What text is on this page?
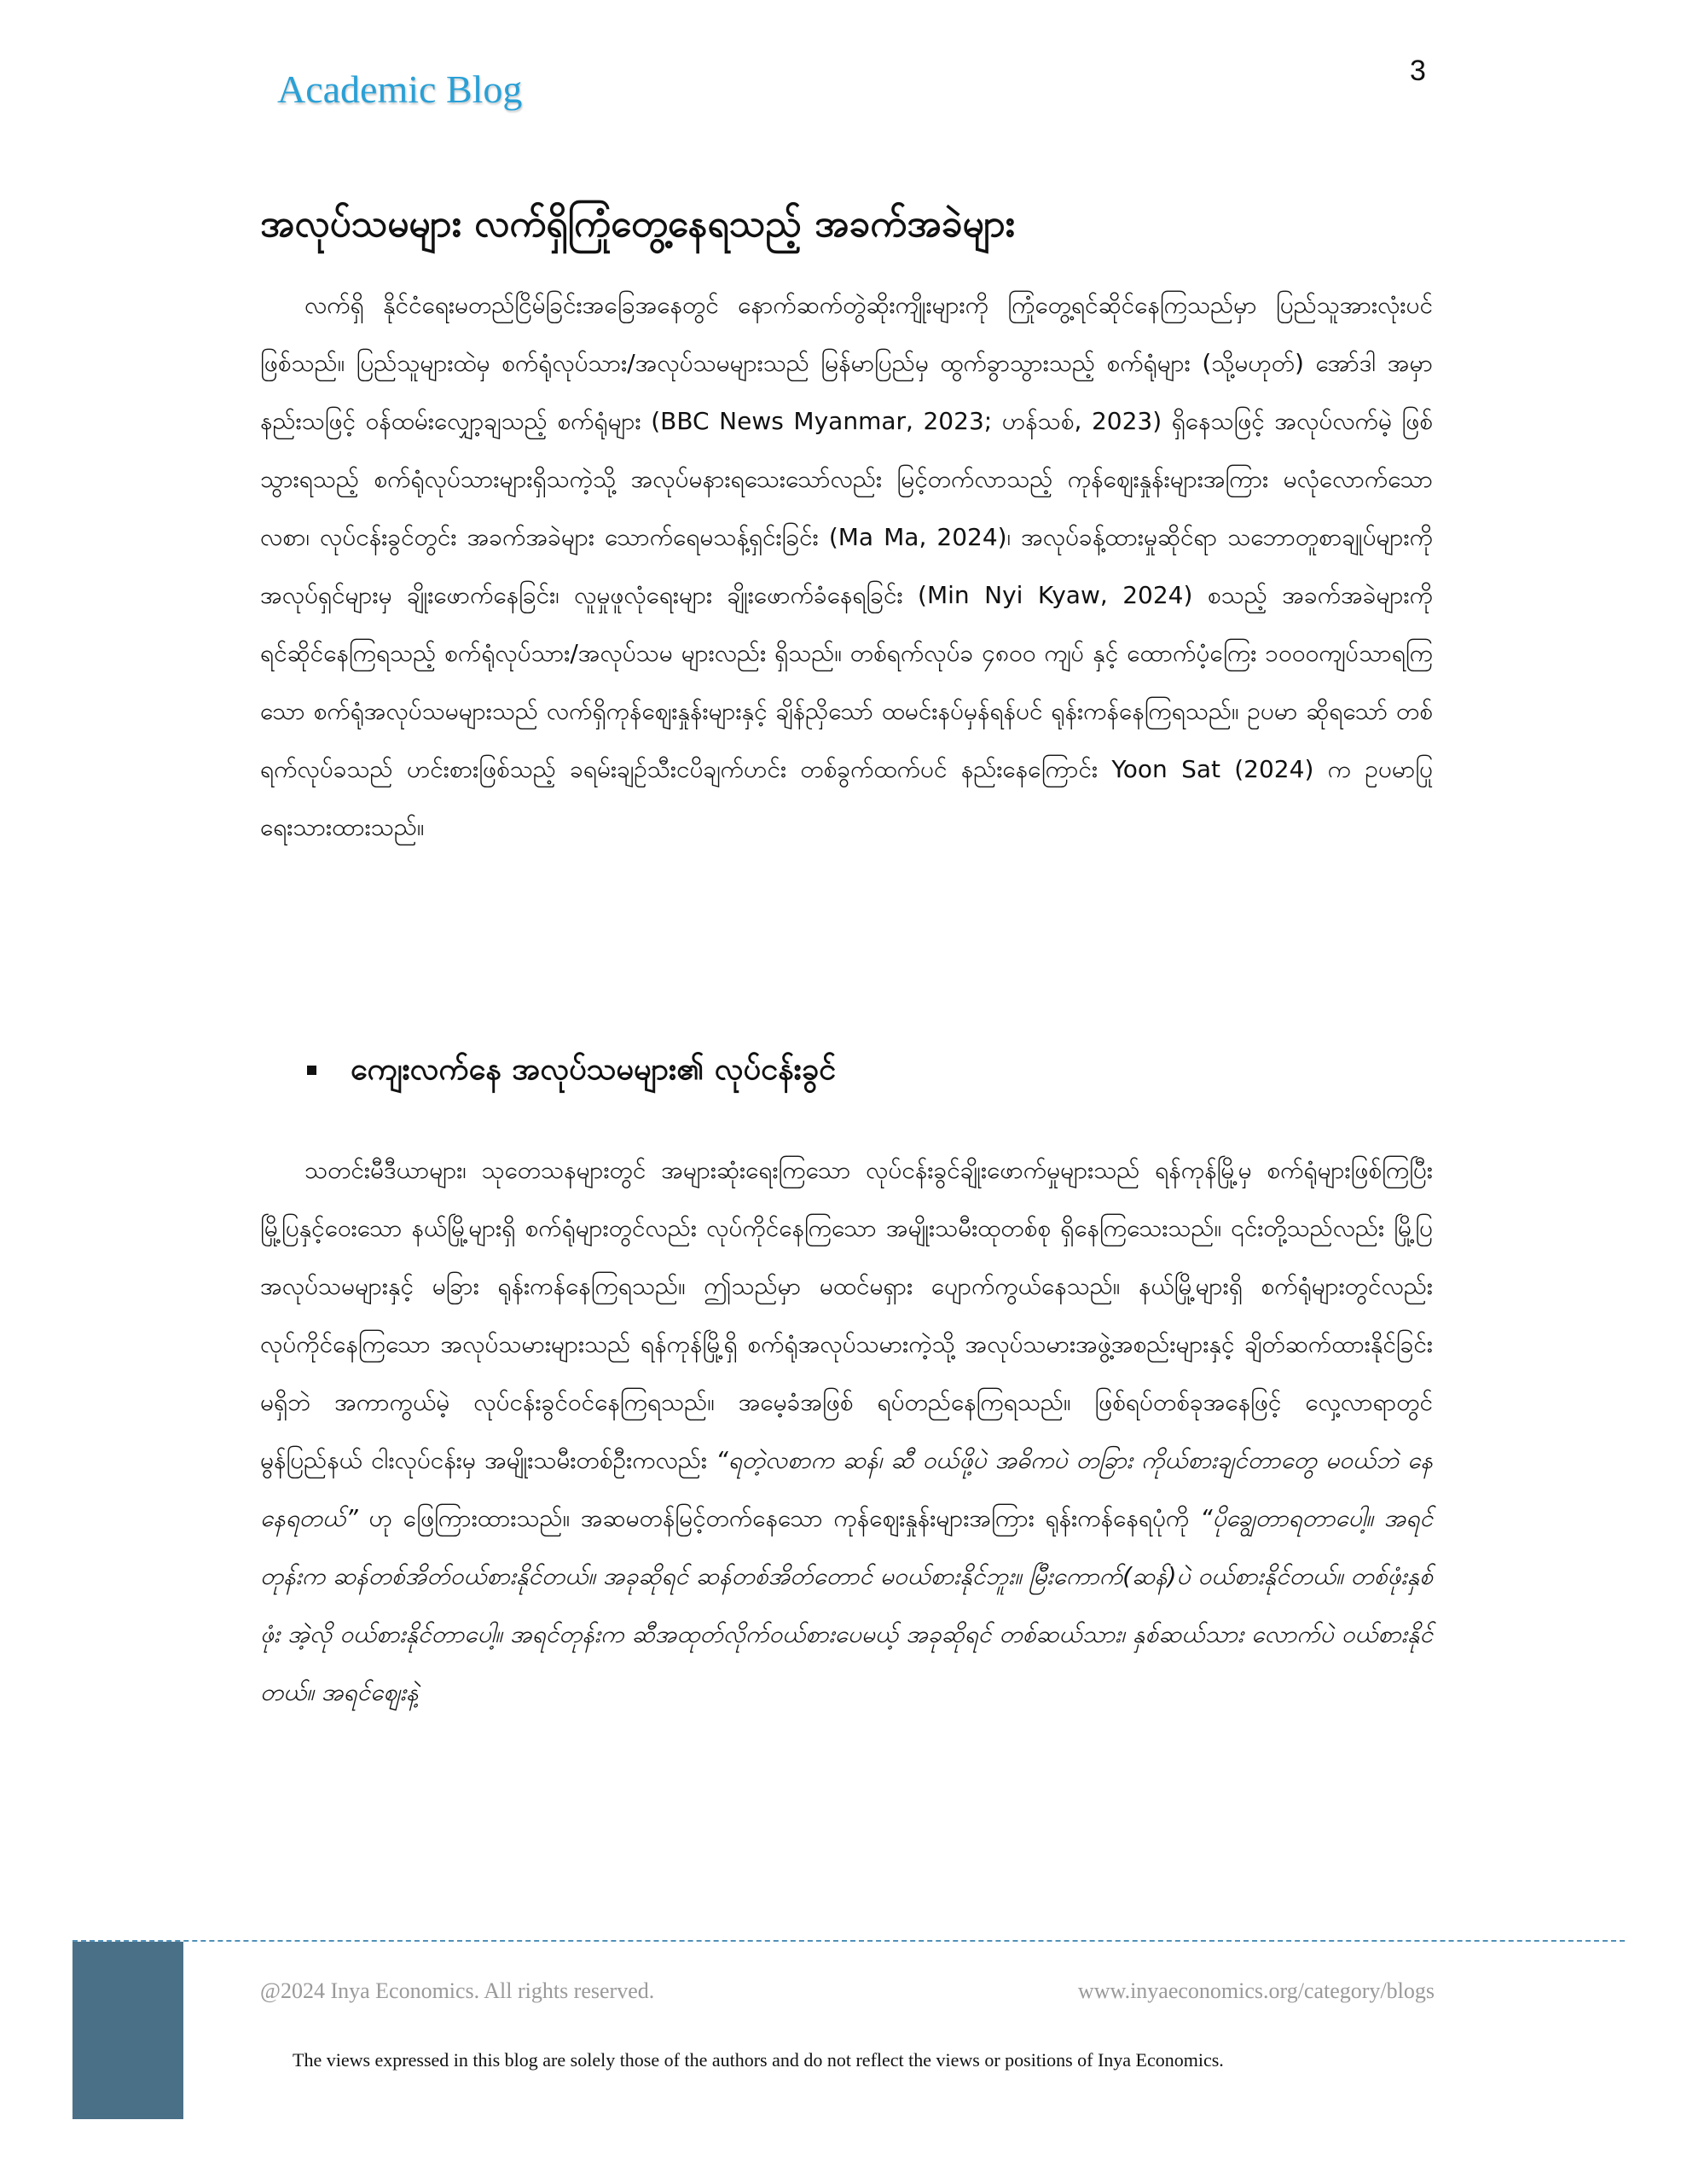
Academic Blog	3
အလုပ်သမများ လက်ရှိကြုံတွေ့နေရသည့် အခက်အခဲများ
လက်ရှိ နိုင်ငံရေးမတည်ငြိမ်ခြင်းအခြေအနေတွင် နောက်ဆက်တွဲဆိုးကျိုးများကို ကြုံတွေ့ရင်ဆိုင်နေကြသည်မှာ ပြည်သူအားလုံးပင်ဖြစ်သည်။ ပြည်သူများထဲမှ စက်ရုံလုပ်သား/အလုပ်သမများသည် မြန်မာပြည်မှ ထွက်ခွာသွားသည့် စက်ရုံများ (သို့မဟုတ်) အော်ဒါ အမှာနည်းသဖြင့် ဝန်ထမ်းလျှော့ချသည့် စက်ရုံများ (BBC News Myanmar, 2023; ဟန်သစ်, 2023) ရှိနေသဖြင့် အလုပ်လက်မဲ့ ဖြစ်သွားရသည့် စက်ရုံလုပ်သားများရှိသကဲ့သို့ အလုပ်မနားရသေးသော်လည်း မြင့်တက်လာသည့် ကုန်ဈေးနှုန်းများအကြား မလုံလောက်သောလစာ၊ လုပ်ငန်းခွင်တွင်း အခက်အခဲများ သောက်ရေမသန့်ရှင်းခြင်း (Ma Ma, 2024)၊ အလုပ်ခန့်ထားမှုဆိုင်ရာ သဘောတူစာချုပ်များကို အလုပ်ရှင်များမှ ချိုးဖောက်နေခြင်း၊ လူမှုဖူလုံရေးများ ချိုးဖောက်ခံနေရခြင်း (Min Nyi Kyaw, 2024) စသည့် အခက်အခဲများကို ရင်ဆိုင်နေကြရသည့် စက်ရုံလုပ်သား/အလုပ်သမ များလည်း ရှိသည်။ တစ်ရက်လုပ်ခ ၄၈၀၀ ကျပ် နှင့် ထောက်ပံ့ကြေး ၁၀၀၀ကျပ်သာရကြသော စက်ရုံအလုပ်သမများသည် လက်ရှိကုန်ဈေးနှုန်းများနှင့် ချိန်ညှိသော် ထမင်းနပ်မှန်ရန်ပင် ရုန်းကန်နေကြရသည်။ ဥပမာ ဆိုရသော် တစ်ရက်လုပ်ခသည် ဟင်းစားဖြစ်သည့် ခရမ်းချဉ်သီးငပိချက်ဟင်း တစ်ခွက်ထက်ပင် နည်းနေကြောင်း Yoon Sat (2024) က ဥပမာပြုရေးသားထားသည်။
ကျေးလက်နေ အလုပ်သမများ၏ လုပ်ငန်းခွင်
သတင်းမီဒီယာများ၊ သုတေသနများတွင် အများဆုံးရေးကြသော လုပ်ငန်းခွင်ချိုးဖောက်မှုများသည် ရန်ကုန်မြို့မှ စက်ရုံများဖြစ်ကြပြီး မြို့ပြနှင့်ဝေးသော နယ်မြို့များရှိ စက်ရုံများတွင်လည်း လုပ်ကိုင်နေကြသော အမျိုးသမီးထုတစ်စု ရှိနေကြသေးသည်။ ၎င်းတို့သည်လည်း မြို့ပြအလုပ်သမများနှင့် မခြား ရုန်းကန်နေကြရသည်။ ဤသည်မှာ မထင်မရှား ပျောက်ကွယ်နေသည်။ နယ်မြို့များရှိ စက်ရုံများတွင်လည်း လုပ်ကိုင်နေကြသော အလုပ်သမားများသည် ရန်ကုန်မြို့ရှိ စက်ရုံအလုပ်သမားကဲ့သို့ အလုပ်သမားအဖွဲ့အစည်းများနှင့် ချိတ်ဆက်ထားနိုင်ခြင်းမရှိဘဲ အကာကွယ်မဲ့ လုပ်ငန်းခွင်ဝင်နေကြရသည်။ အမေ့ခံအဖြစ် ရပ်တည်နေကြရသည်။ ဖြစ်ရပ်တစ်ခုအနေဖြင့် လှေ့လာရာတွင် မွန်ပြည်နယ် ငါးလုပ်ငန်းမှ အမျိုးသမီးတစ်ဦးကလည်း “ရတဲ့လစာက ဆန်၊ ဆီ ဝယ်ဖို့ပဲ အဓိကပဲ တခြား ကိုယ်စားချင်တာတွေ မဝယ်ဘဲ နေနေရတယ်” ဟု ဖြေကြားထားသည်။ အဆမတန်မြင့်တက်နေသော ကုန်ဈေးနှုန်းများအကြား ရုန်းကန်နေရပုံကို “ပိုချွေတာရတာပေါ့။ အရင်တုန်းက ဆန်တစ်အိတ်ဝယ်စားနိုင်တယ်။ အခုဆိုရင် ဆန်တစ်အိတ်တောင် မဝယ်စားနိုင်ဘူး။ မြီးကောက်(ဆန်)ပဲ ဝယ်စားနိုင်တယ်။ တစ်ဖုံးနှစ်ဖုံး အဲ့လို ဝယ်စားနိုင်တာပေါ့။ အရင်တုန်းက ဆီအထုတ်လိုက်ဝယ်စားပေမယ့် အခုဆိုရင် တစ်ဆယ်သား၊ နှစ်ဆယ်သား လောက်ပဲ ဝယ်စားနိုင်တယ်။ အရင်ဈေးနဲ့
@2024 Inya Economics. All rights reserved.	www.inyaeconomics.org/category/blogs
The views expressed in this blog are solely those of the authors and do not reflect the views or positions of Inya Economics.
